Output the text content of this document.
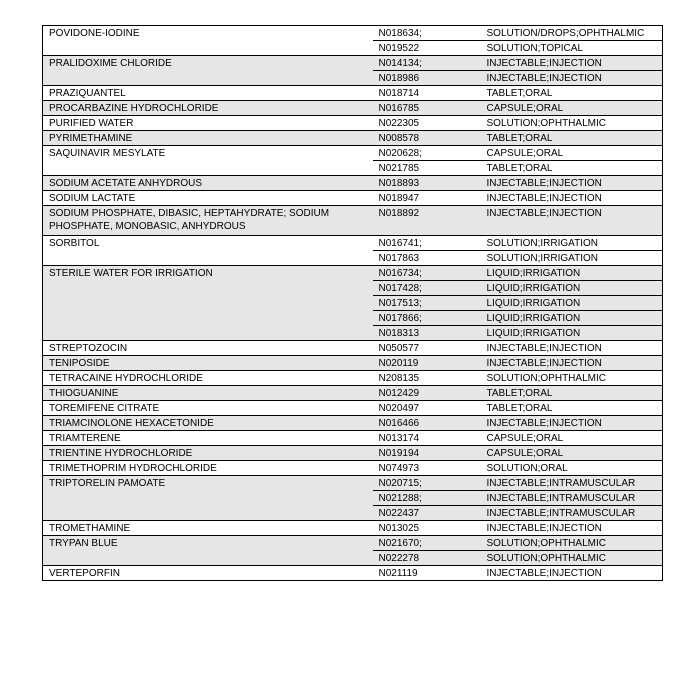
POVIDONE-IODINE	N018634;	SOLUTION/DROPS;OPHTHALMIC
	N019522	SOLUTION;TOPICAL
PRALIDOXIME CHLORIDE	N014134;	INJECTABLE;INJECTION
	N018986	INJECTABLE;INJECTION
PRAZIQUANTEL	N018714	TABLET;ORAL
PROCARBAZINE HYDROCHLORIDE	N016785	CAPSULE;ORAL
PURIFIED WATER	N022305	SOLUTION;OPHTHALMIC
PYRIMETHAMINE	N008578	TABLET;ORAL
SAQUINAVIR MESYLATE	N020628;	CAPSULE;ORAL
	N021785	TABLET;ORAL
SODIUM ACETATE ANHYDROUS	N018893	INJECTABLE;INJECTION
SODIUM LACTATE	N018947	INJECTABLE;INJECTION
SODIUM PHOSPHATE, DIBASIC, HEPTAHYDRATE; SODIUM PHOSPHATE, MONOBASIC, ANHYDROUS	N018892	INJECTABLE;INJECTION
SORBITOL	N016741;	SOLUTION;IRRIGATION
	N017863	SOLUTION;IRRIGATION
STERILE WATER FOR IRRIGATION	N016734;	LIQUID;IRRIGATION
	N017428;	LIQUID;IRRIGATION
	N017513;	LIQUID;IRRIGATION
	N017866;	LIQUID;IRRIGATION
	N018313	LIQUID;IRRIGATION
STREPTOZOCIN	N050577	INJECTABLE;INJECTION
TENIPOSIDE	N020119	INJECTABLE;INJECTION
TETRACAINE HYDROCHLORIDE	N208135	SOLUTION;OPHTHALMIC
THIOGUANINE	N012429	TABLET;ORAL
TOREMIFENE CITRATE	N020497	TABLET;ORAL
TRIAMCINOLONE HEXACETONIDE	N016466	INJECTABLE;INJECTION
TRIAMTERENE	N013174	CAPSULE;ORAL
TRIENTINE HYDROCHLORIDE	N019194	CAPSULE;ORAL
TRIMETHOPRIM HYDROCHLORIDE	N074973	SOLUTION;ORAL
TRIPTORELIN PAMOATE	N020715;	INJECTABLE;INTRAMUSCULAR
	N021288;	INJECTABLE;INTRAMUSCULAR
	N022437	INJECTABLE;INTRAMUSCULAR
TROMETHAMINE	N013025	INJECTABLE;INJECTION
TRYPAN BLUE	N021670;	SOLUTION;OPHTHALMIC
	N022278	SOLUTION;OPHTHALMIC
VERTEPORFIN	N021119	INJECTABLE;INJECTION
